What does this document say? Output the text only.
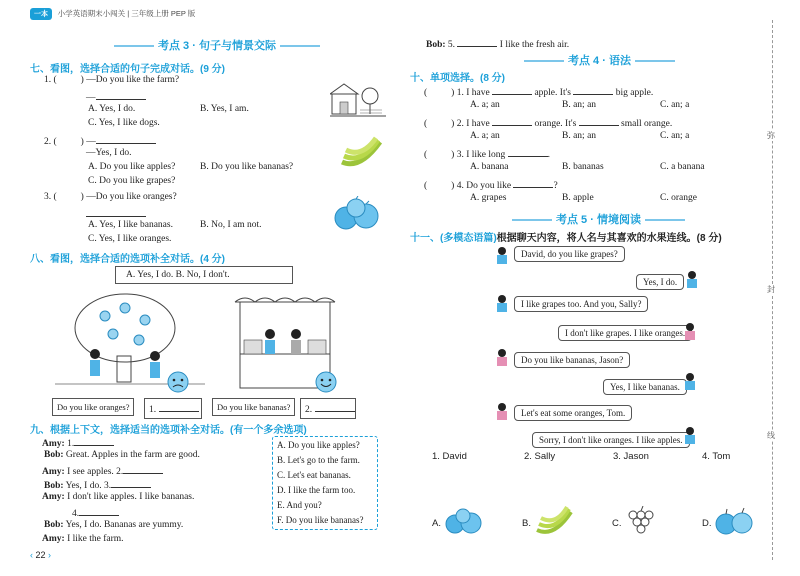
一本 小学英语期末小闯关 | 三年级上册 PEP 版
考点 3 · 句子与情景交际
七、看图，选择合适的句子完成对话。(9 分)
1. (	) —Do you like the farm?
—
A. Yes, I do.	B. Yes, I am.
C. Yes, I like dogs.
2. (	) —
—Yes, I do.
A. Do you like apples?	B. Do you like bananas?
C. Do you like grapes?
3. (	) —Do you like oranges?
A. Yes, I like bananas.	B. No, I am not.
C. Yes, I like oranges.
八、看图，选择合适的选项补全对话。(4 分)
A. Yes, I do. B. No, I don't.
Do you like oranges?	1.	Do you like bananas?	2.
九、根据上下文，选择适当的选项补全对话。(有一个多余选项)
Amy: 1.
Bob: Great. Apples in the farm are good.
Amy: I see apples. 2.
Bob: Yes, I do. 3.
Amy: I don't like apples. I like bananas.
4.
Bob: Yes, I do. Bananas are yummy.
Amy: I like the farm.
A. Do you like apples?
B. Let's go to the farm.
C. Let's eat bananas.
D. I like the farm too.
E. And you?
F. Do you like bananas?
‹ 22 ›
Bob: 5.	I like the fresh air.
考点 4 · 语法
十、单项选择。(8 分)
(	) 1. I have	apple. It's	big apple.
A. a; an	B. an; an	C. an; a
(	) 2. I have	orange. It's	small orange.
A. a; an	B. an; an	C. an; a
(	) 3. I like long	.
A. banana	B. bananas	C. a banana
(	) 4. Do you like	?
A. grapes	B. apple	C. orange
考点 5 · 情境阅读
十一、(多模态语篇)根据聊天内容，将人名与其喜欢的水果连线。(8 分)
David, do you like grapes?
Yes, I do.
I like grapes too. And you, Sally?
I don't like grapes. I like oranges.
Do you like bananas, Jason?
Yes, I like bananas.
Let's eat some oranges, Tom.
Sorry, I don't like oranges. I like apples.
1. David	2. Sally	3. Jason	4. Tom
A.	B.	C.	D.
弥
封
线
